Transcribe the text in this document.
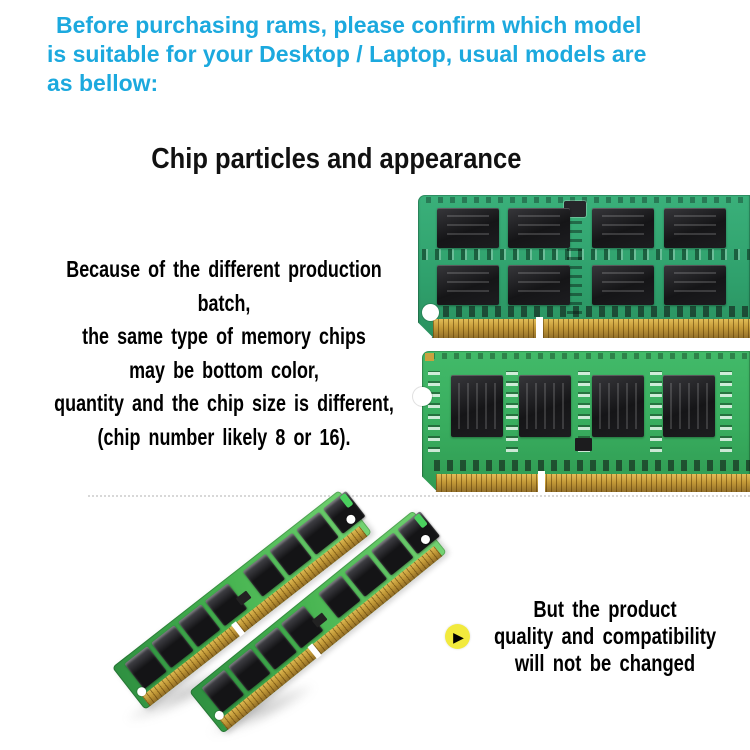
Before purchasing rams, please confirm which model
is suitable for your Desktop / Laptop, usual models are
as bellow:
Chip particles and appearance
Because of the different production batch,
the same type of memory chips
may be bottom color,
quantity and the chip size is different,
(chip number likely 8 or 16).
▶
But the product
quality and compatibility
will not be changed
